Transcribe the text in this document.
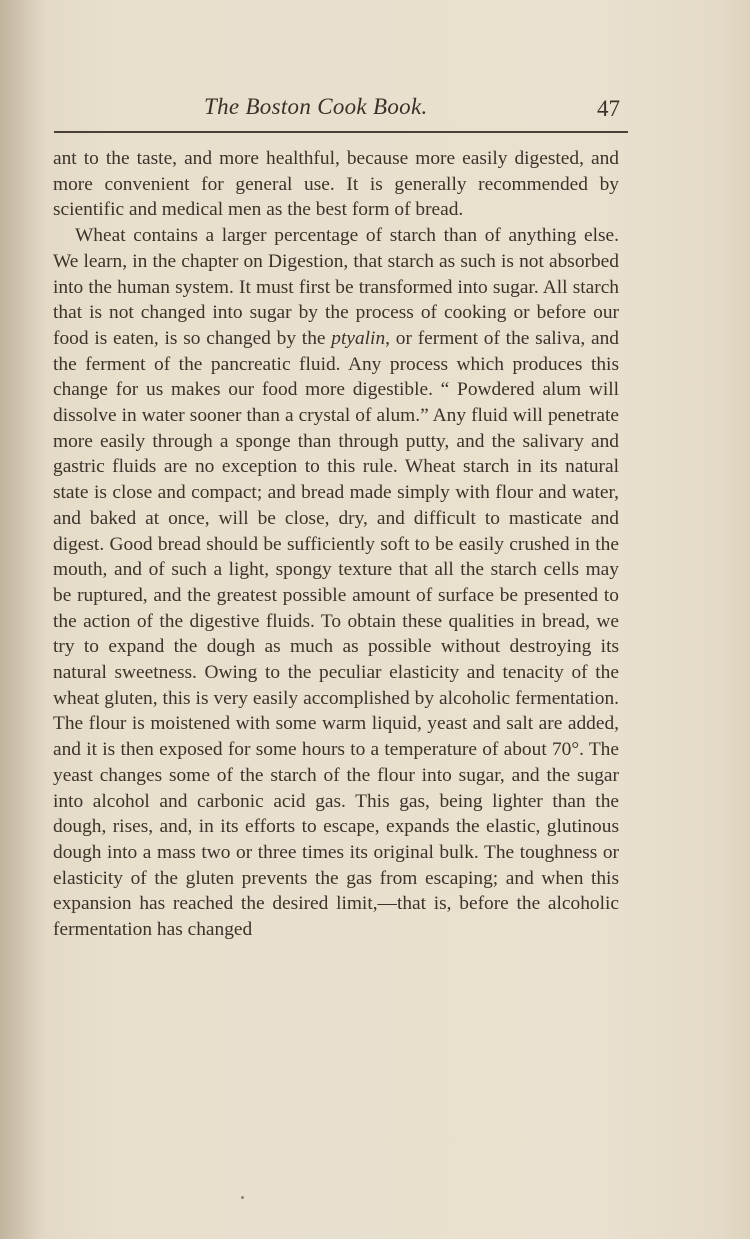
The Boston Cook Book.	47

ant to the taste, and more healthful, because more easily digested, and more convenient for general use. It is generally recommended by scientific and medical men as the best form of bread.

Wheat contains a larger percentage of starch than of anything else. We learn, in the chapter on Digestion, that starch as such is not absorbed into the human system. It must first be transformed into sugar. All starch that is not changed into sugar by the process of cooking or before our food is eaten, is so changed by the ptyalin, or ferment of the saliva, and the ferment of the pancreatic fluid. Any process which produces this change for us makes our food more digestible. “ Powdered alum will dissolve in water sooner than a crystal of alum.” Any fluid will penetrate more easily through a sponge than through putty, and the salivary and gastric fluids are no exception to this rule. Wheat starch in its natural state is close and compact; and bread made simply with flour and water, and baked at once, will be close, dry, and difficult to masticate and digest. Good bread should be sufficiently soft to be easily crushed in the mouth, and of such a light, spongy texture that all the starch cells may be ruptured, and the greatest possible amount of surface be presented to the action of the digestive fluids. To obtain these qualities in bread, we try to expand the dough as much as possible without destroying its natural sweetness. Owing to the peculiar elasticity and tenacity of the wheat gluten, this is very easily accomplished by alcoholic fermentation. The flour is moistened with some warm liquid, yeast and salt are added, and it is then exposed for some hours to a temperature of about 70°. The yeast changes some of the starch of the flour into sugar, and the sugar into alcohol and carbonic acid gas. This gas, being lighter than the dough, rises, and, in its efforts to escape, expands the elastic, glutinous dough into a mass two or three times its original bulk. The toughness or elasticity of the gluten prevents the gas from escaping; and when this expansion has reached the desired limit,—that is, before the alcoholic fermentation has changed
